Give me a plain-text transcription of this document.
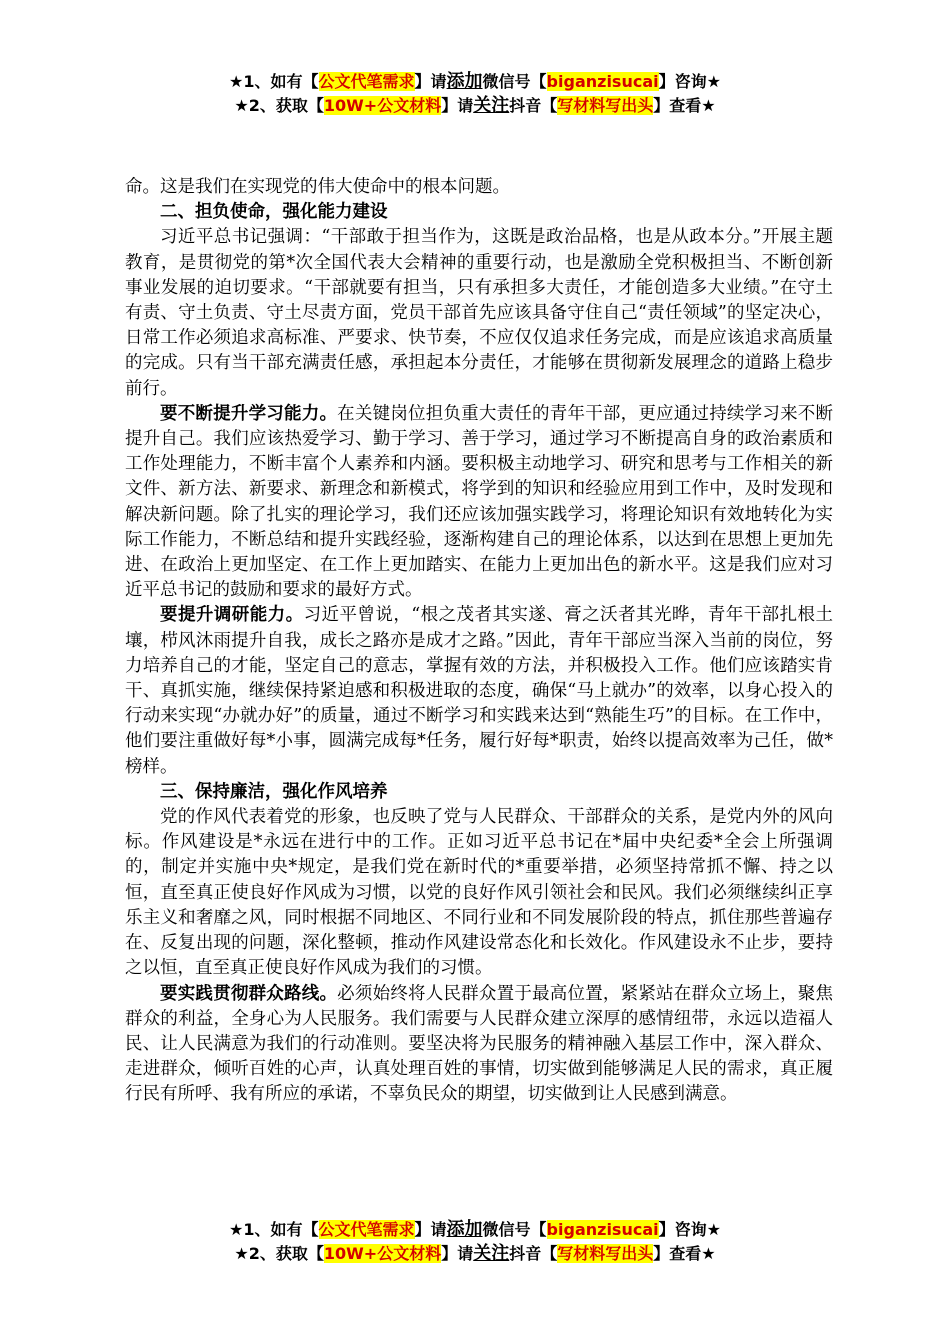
★1、如有【公文代笔需求】请添加微信号【biganzisucai】咨询★
★2、获取【10W+公文材料】请关注抖音【写材料写出头】查看★

命。这是我们在实现党的伟大使命中的根本问题。

二、担负使命，强化能力建设

习近平总书记强调：“干部敢于担当作为，这既是政治品格，也是从政本分。”开展主题教育，是贯彻党的第*次全国代表大会精神的重要行动，也是激励全党积极担当、不断创新事业发展的迫切要求。“干部就要有担当，只有承担多大责任，才能创造多大业绩。”在守土有责、守土负责、守土尽责方面，党员干部首先应该具备守住自己“责任领域”的坚定决心，日常工作必须追求高标准、严要求、快节奏，不应仅仅追求任务完成，而是应该追求高质量的完成。只有当干部充满责任感，承担起本分责任，才能够在贯彻新发展理念的道路上稳步前行。

要不断提升学习能力。在关键岗位担负重大责任的青年干部，更应通过持续学习来不断提升自己。我们应该热爱学习、勤于学习、善于学习，通过学习不断提高自身的政治素质和工作处理能力，不断丰富个人素养和内涵。要积极主动地学习、研究和思考与工作相关的新文件、新方法、新要求、新理念和新模式，将学到的知识和经验应用到工作中，及时发现和解决新问题。除了扎实的理论学习，我们还应该加强实践学习，将理论知识有效地转化为实际工作能力，不断总结和提升实践经验，逐渐构建自己的理论体系，以达到在思想上更加先进、在政治上更加坚定、在工作上更加踏实、在能力上更加出色的新水平。这是我们应对习近平总书记的鼓励和要求的最好方式。

要提升调研能力。习近平曾说，“根之茂者其实遂、膏之沃者其光晔，青年干部扎根土壤，栉风沐雨提升自我，成长之路亦是成才之路。”因此，青年干部应当深入当前的岗位，努力培养自己的才能，坚定自己的意志，掌握有效的方法，并积极投入工作。他们应该踏实肯干、真抓实施，继续保持紧迫感和积极进取的态度，确保“马上就办”的效率，以身心投入的行动来实现“办就办好”的质量，通过不断学习和实践来达到“熟能生巧”的目标。在工作中，他们要注重做好每*小事，圆满完成每*任务，履行好每*职责，始终以提高效率为己任，做*榜样。

三、保持廉洁，强化作风培养

党的作风代表着党的形象，也反映了党与人民群众、干部群众的关系，是党内外的风向标。作风建设是*永远在进行中的工作。正如习近平总书记在*届中央纪委*全会上所强调的，制定并实施中央*规定，是我们党在新时代的*重要举措，必须坚持常抓不懈、持之以恒，直至真正使良好作风成为习惯，以党的良好作风引领社会和民风。我们必须继续纠正享乐主义和奢靡之风，同时根据不同地区、不同行业和不同发展阶段的特点，抓住那些普遍存在、反复出现的问题，深化整顿，推动作风建设常态化和长效化。作风建设永不止步，要持之以恒，直至真正使良好作风成为我们的习惯。

要实践贯彻群众路线。必须始终将人民群众置于最高位置，紧紧站在群众立场上，聚焦群众的利益，全身心为人民服务。我们需要与人民群众建立深厚的感情纽带，永远以造福人民、让人民满意为我们的行动准则。要坚决将为民服务的精神融入基层工作中，深入群众、走进群众，倾听百姓的心声，认真处理百姓的事情，切实做到能够满足人民的需求，真正履行民有所呼、我有所应的承诺，不辜负民众的期望，切实做到让人民感到满意。

★1、如有【公文代笔需求】请添加微信号【biganzisucai】咨询★
★2、获取【10W+公文材料】请关注抖音【写材料写出头】查看★
